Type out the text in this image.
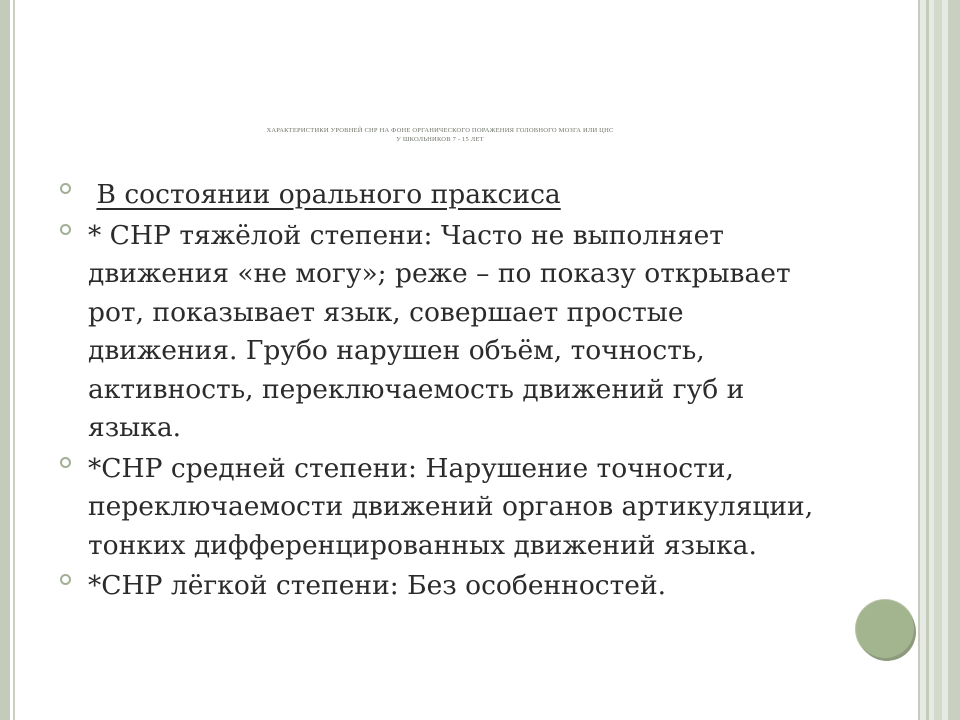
ХАРАКТЕРИСТИКИ УРОВНЕЙ СНР НА ФОНЕ ОРГАНИЧЕСКОГО ПОРАЖЕНИЯ ГОЛОВНОГО МОЗГА ИЛИ ЦНС
У ШКОЛЬНИКОВ 7 - 15 ЛЕТ
В состоянии орального праксиса
* СНР тяжёлой степени: Часто не выполняет движения «не могу»; реже – по показу открывает рот, показывает язык, совершает простые движения. Грубо нарушен объём, точность, активность, переключаемость движений губ и языка.
*СНР средней степени: Нарушение точности, переключаемости движений органов артикуляции, тонких дифференцированных движений языка.
*СНР лёгкой степени: Без особенностей.
